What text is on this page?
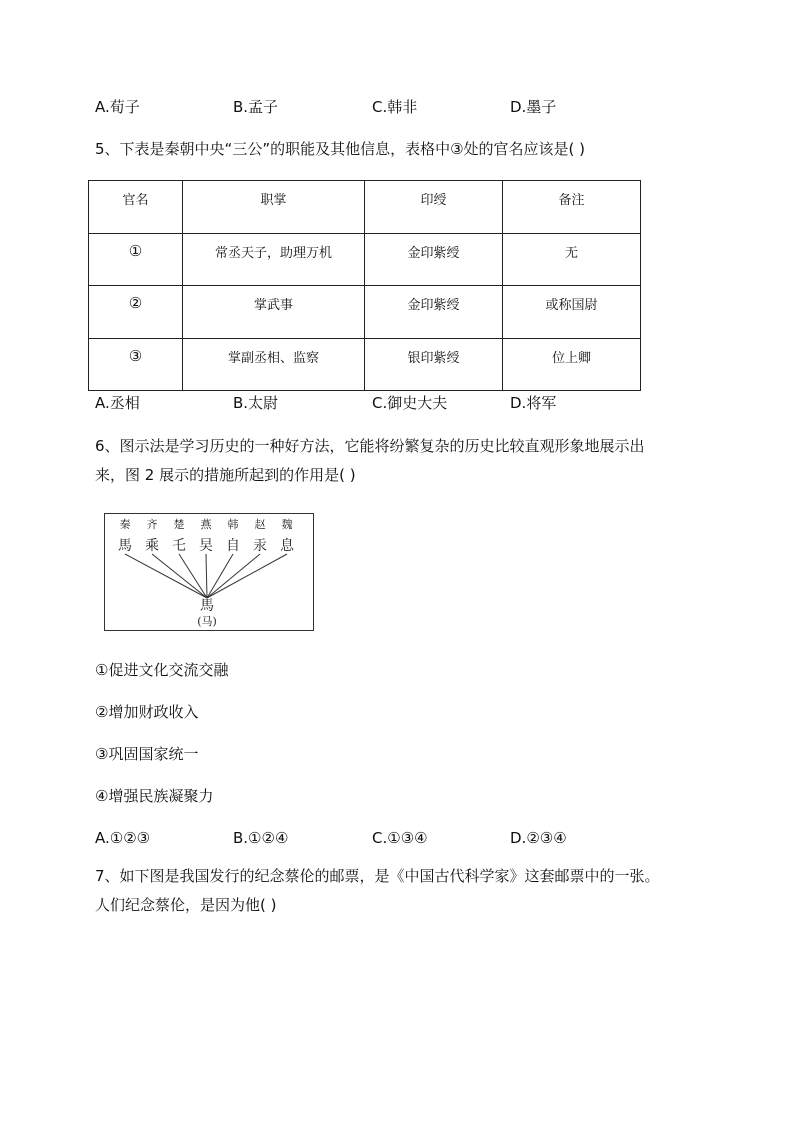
A.荀子	B.孟子	C.韩非	D.墨子
5、下表是秦朝中央“三公”的职能及其他信息，表格中③处的官名应该是( )
官名	职掌	印绶	备注
①	常丞天子，助理万机	金印紫绶	无
②	掌武事	金印紫绶	或称国尉
③	掌副丞相、监察	银印紫绶	位上卿
A.丞相	B.太尉	C.御史大夫	D.将军
6、图示法是学习历史的一种好方法，它能将纷繁复杂的历史比较直观形象地展示出
来，图 2 展示的措施所起到的作用是( )
秦 齐 楚 燕 韩 赵 魏
馬 乘 乇 旲 自 汞 息
馬
(马)
①促进文化交流交融
②增加财政收入
③巩固国家统一
④增强民族凝聚力
A.①②③	B.①②④	C.①③④	D.②③④
7、如下图是我国发行的纪念蔡伦的邮票，是《中国古代科学家》这套邮票中的一张。
人们纪念蔡伦，是因为他( )
